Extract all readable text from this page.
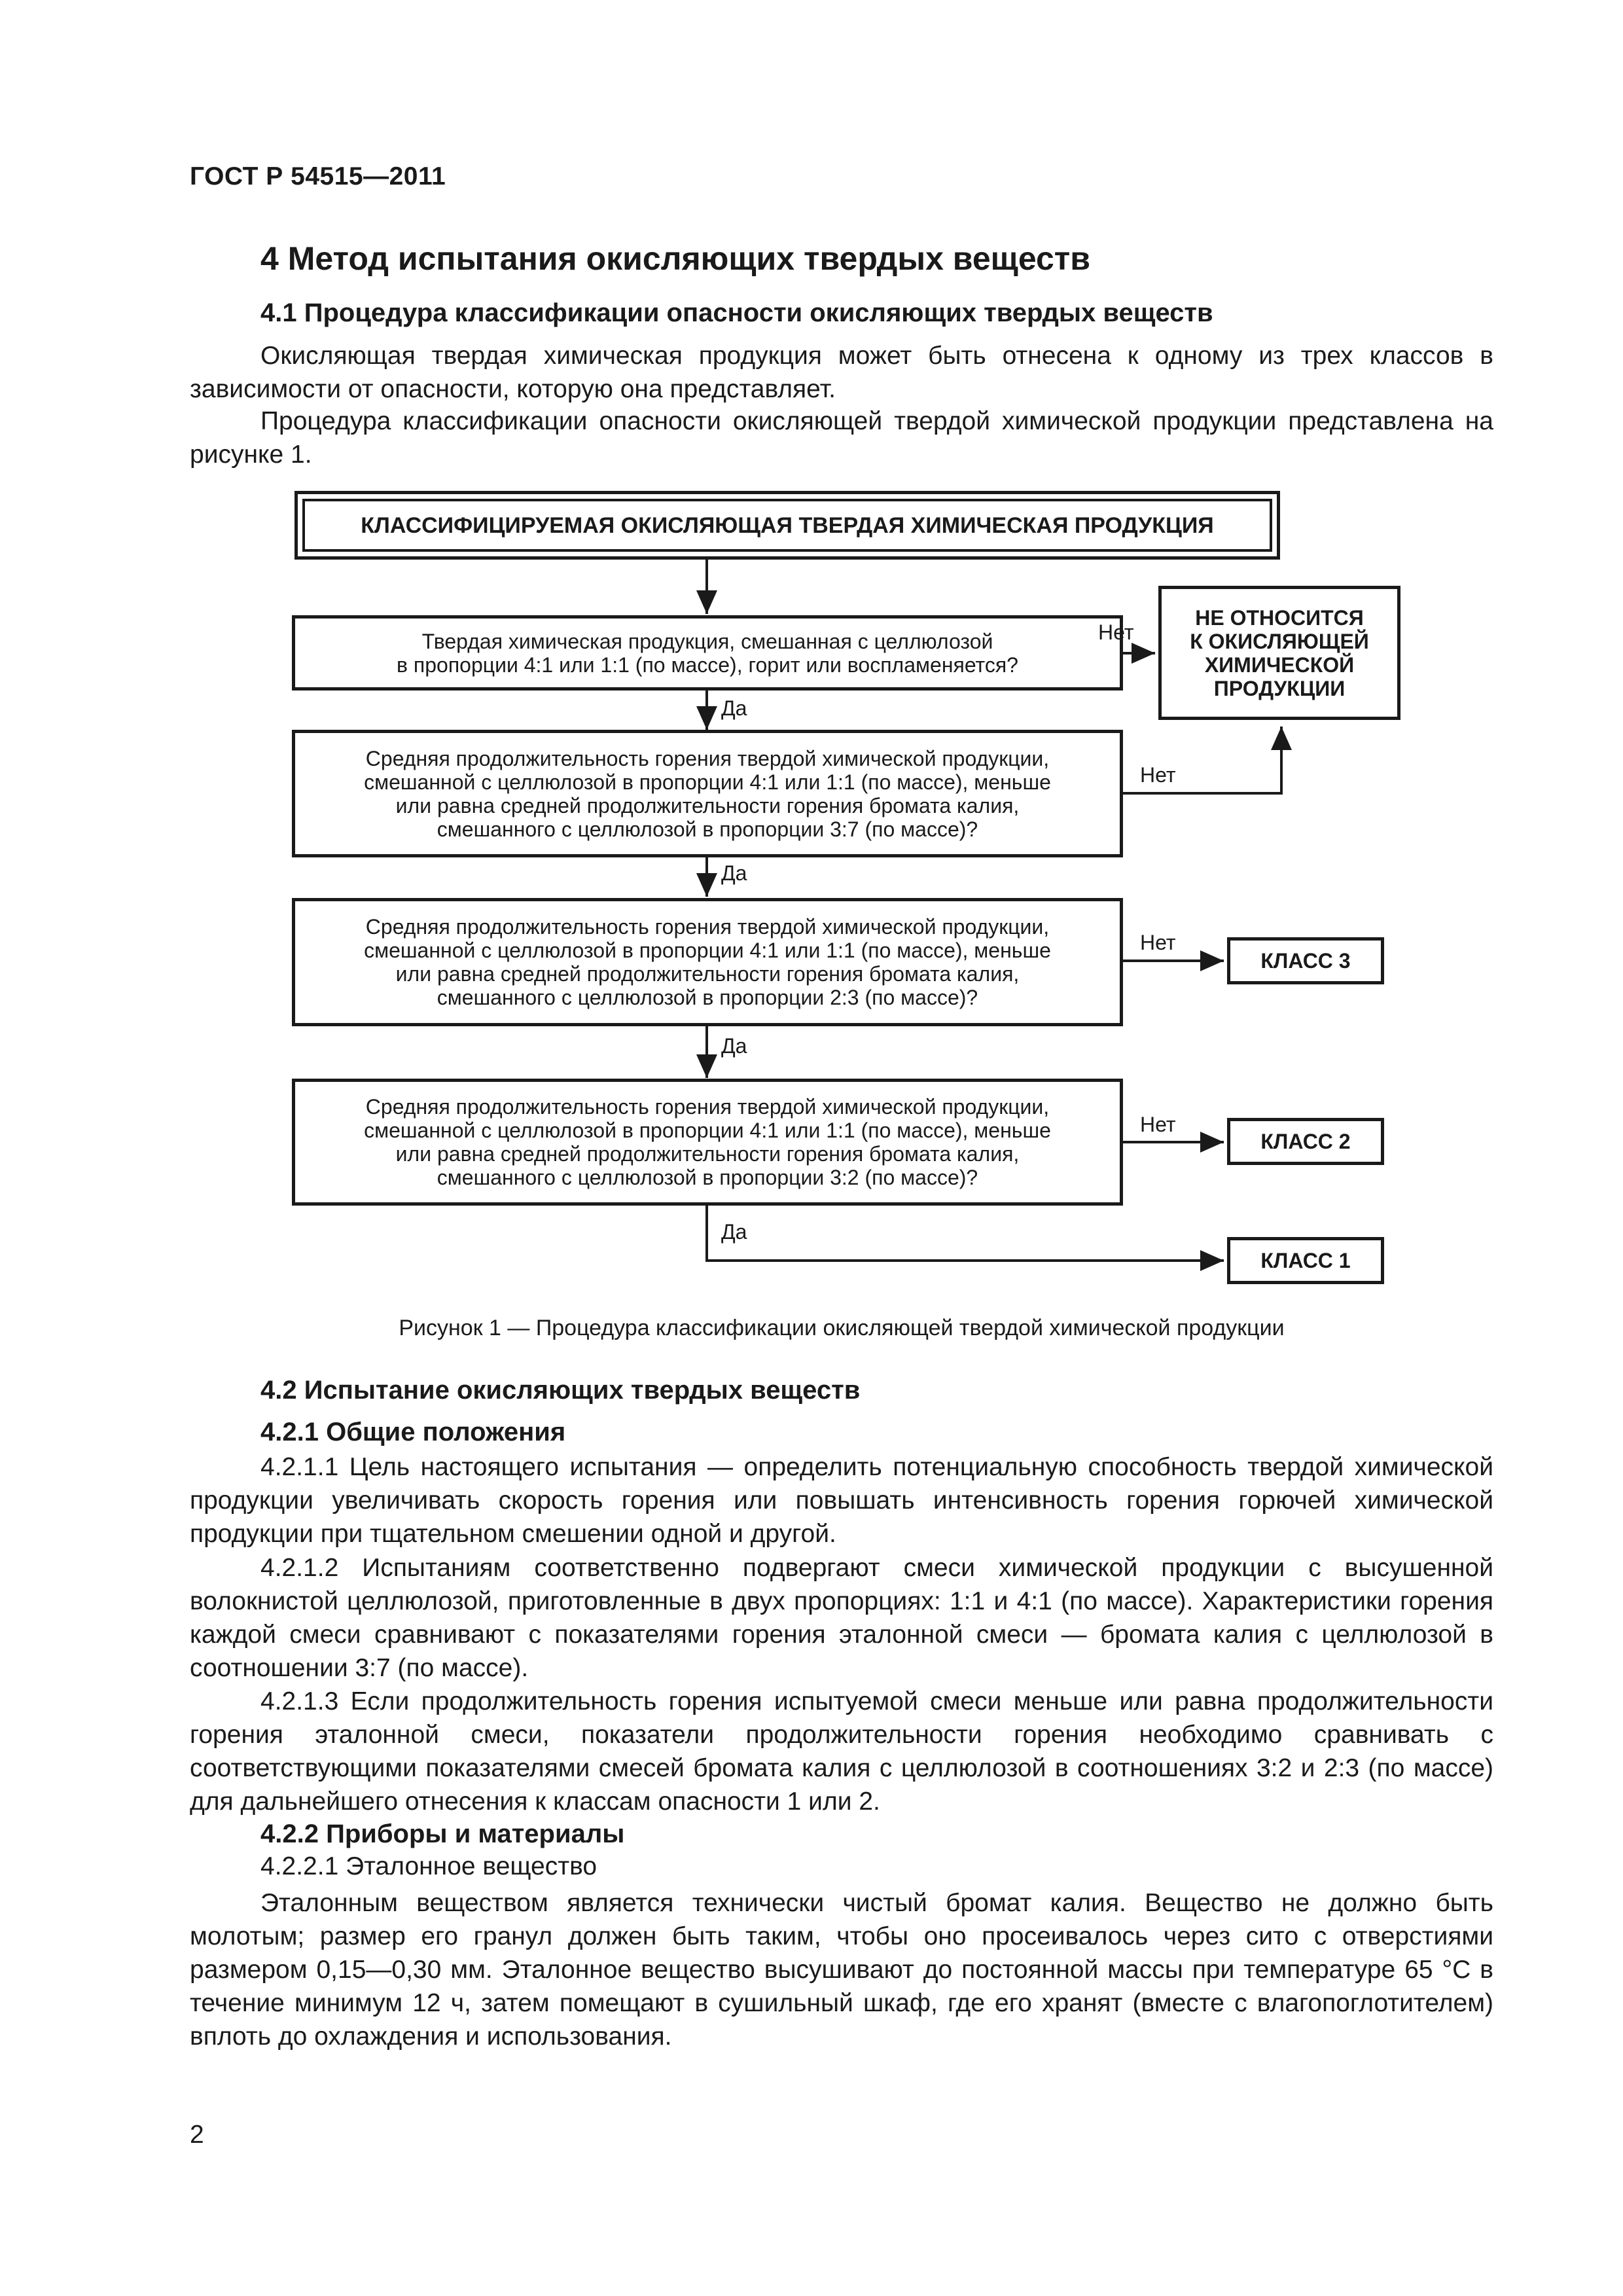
ГОСТ Р 54515—2011
4 Метод испытания окисляющих твердых веществ
4.1 Процедура классификации опасности окисляющих твердых веществ

Окисляющая твердая химическая продукция может быть отнесена к одному из трех классов в зависимости от опасности, которую она представляет.

Процедура классификации опасности окисляющей твердой химической продукции представлена на рисунке 1.

КЛАССИФИЦИРУЕМАЯ ОКИСЛЯЮЩАЯ ТВЕРДАЯ ХИМИЧЕСКАЯ ПРОДУКЦИЯ
Твердая химическая продукция, смешанная с целлюлозой
в пропорции 4:1 или 1:1 (по массе), горит или воспламеняется?
Средняя продолжительность горения твердой химической продукции,
смешанной с целлюлозой в пропорции 4:1 или 1:1 (по массе), меньше
или равна средней продолжительности горения бромата калия,
смешанного с целлюлозой в пропорции 3:7 (по массе)?
Средняя продолжительность горения твердой химической продукции,
смешанной с целлюлозой в пропорции 4:1 или 1:1 (по массе), меньше
или равна средней продолжительности горения бромата калия,
смешанного с целлюлозой в пропорции 2:3 (по массе)?
Средняя продолжительность горения твердой химической продукции,
смешанной с целлюлозой в пропорции 4:1 или 1:1 (по массе), меньше
или равна средней продолжительности горения бромата калия,
смешанного с целлюлозой в пропорции 3:2 (по массе)?
НЕ ОТНОСИТСЯ
К ОКИСЛЯЮЩЕЙ
ХИМИЧЕСКОЙ
ПРОДУКЦИИ
КЛАСС 3
КЛАСС 2
КЛАСС 1
Нет
Нет
Нет
Нет
Да
Да
Да
Да
Рисунок 1 — Процедура классификации окисляющей твердой химической продукции
4.2 Испытание окисляющих твердых веществ
4.2.1 Общие положения

4.2.1.1 Цель настоящего испытания — определить потенциальную способность твердой химической продукции увеличивать скорость горения или повышать интенсивность горения горючей химической продукции при тщательном смешении одной и другой.

4.2.1.2 Испытаниям соответственно подвергают смеси химической продукции с высушенной волокнистой целлюлозой, приготовленные в двух пропорциях: 1:1 и 4:1 (по массе). Характеристики горения каждой смеси сравнивают с показателями горения эталонной смеси — бромата калия с целлюлозой в соотношении 3:7 (по массе).

4.2.1.3 Если продолжительность горения испытуемой смеси меньше или равна продолжительности горения эталонной смеси, показатели продолжительности горения необходимо сравнивать с соответствующими показателями смесей бромата калия с целлюлозой в соотношениях 3:2 и 2:3 (по массе) для дальнейшего отнесения к классам опасности 1 или 2.

4.2.2 Приборы и материалы
4.2.2.1 Эталонное вещество

Эталонным веществом является технически чистый бромат калия. Вещество не должно быть молотым; размер его гранул должен быть таким, чтобы оно просеивалось через сито с отверстиями размером 0,15—0,30 мм. Эталонное вещество высушивают до постоянной массы при температуре 65 °С в течение минимум 12 ч, затем помещают в сушильный шкаф, где его хранят (вместе с влагопоглотителем) вплоть до охлаждения и использования.

2
